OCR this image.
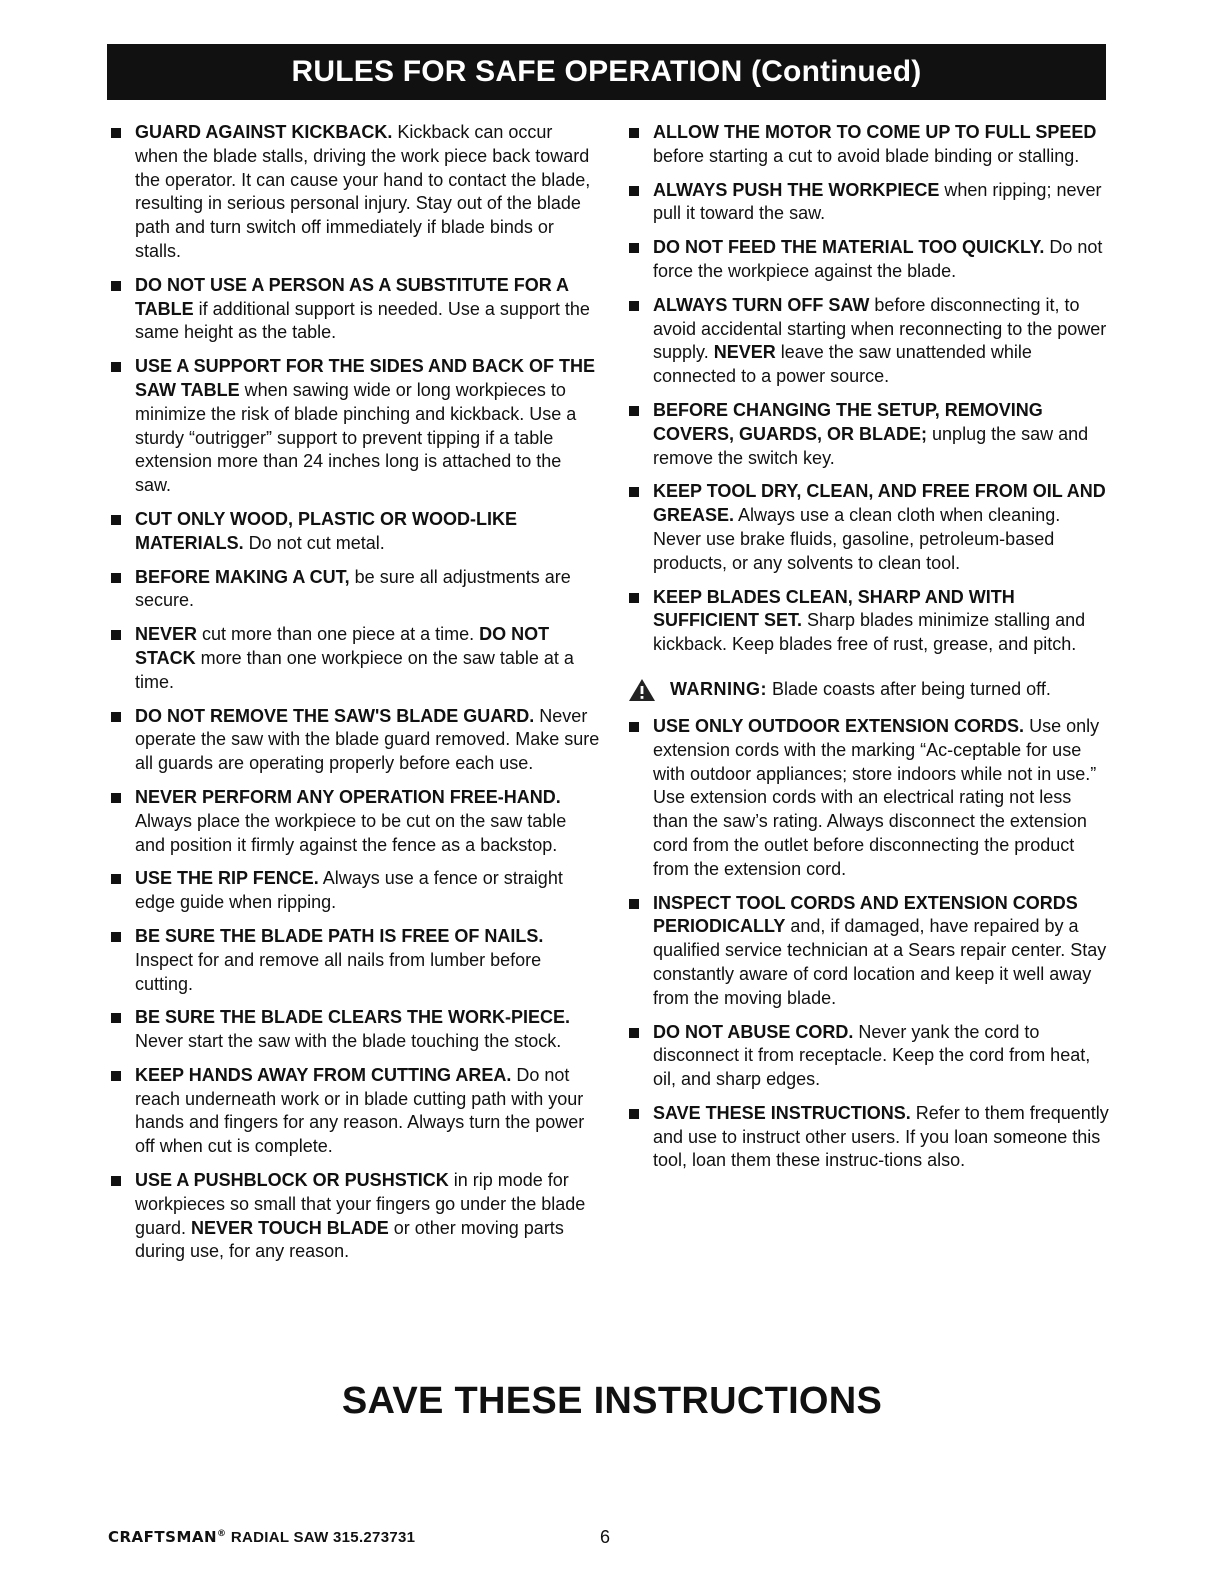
RULES FOR SAFE OPERATION (Continued)
GUARD AGAINST KICKBACK. Kickback can occur when the blade stalls, driving the work piece back toward the operator. It can cause your hand to contact the blade, resulting in serious personal injury. Stay out of the blade path and turn switch off immediately if blade binds or stalls.
DO NOT USE A PERSON AS A SUBSTITUTE FOR A TABLE if additional support is needed. Use a support the same height as the table.
USE A SUPPORT FOR THE SIDES AND BACK OF THE SAW TABLE when sawing wide or long workpieces to minimize the risk of blade pinching and kickback. Use a sturdy “outrigger” support to prevent tipping if a table extension more than 24 inches long is attached to the saw.
CUT ONLY WOOD, PLASTIC OR WOOD-LIKE MATERIALS. Do not cut metal.
BEFORE MAKING A CUT, be sure all adjustments are secure.
NEVER cut more than one piece at a time. DO NOT STACK more than one workpiece on the saw table at a time.
DO NOT REMOVE THE SAW'S BLADE GUARD. Never operate the saw with the blade guard removed. Make sure all guards are operating properly before each use.
NEVER PERFORM ANY OPERATION FREE-HAND. Always place the workpiece to be cut on the saw table and position it firmly against the fence as a backstop.
USE THE RIP FENCE. Always use a fence or straight edge guide when ripping.
BE SURE THE BLADE PATH IS FREE OF NAILS. Inspect for and remove all nails from lumber before cutting.
BE SURE THE BLADE CLEARS THE WORK-PIECE. Never start the saw with the blade touching the stock.
KEEP HANDS AWAY FROM CUTTING AREA. Do not reach underneath work or in blade cutting path with your hands and fingers for any reason. Always turn the power off when cut is complete.
USE A PUSHBLOCK OR PUSHSTICK in rip mode for workpieces so small that your fingers go under the blade guard. NEVER TOUCH BLADE or other moving parts during use, for any reason.
ALLOW THE MOTOR TO COME UP TO FULL SPEED before starting a cut to avoid blade binding or stalling.
ALWAYS PUSH THE WORKPIECE when ripping; never pull it toward the saw.
DO NOT FEED THE MATERIAL TOO QUICKLY. Do not force the workpiece against the blade.
ALWAYS TURN OFF SAW before disconnecting it, to avoid accidental starting when reconnecting to the power supply. NEVER leave the saw unattended while connected to a power source.
BEFORE CHANGING THE SETUP, REMOVING COVERS, GUARDS, OR BLADE; unplug the saw and remove the switch key.
KEEP TOOL DRY, CLEAN, AND FREE FROM OIL AND GREASE. Always use a clean cloth when cleaning. Never use brake fluids, gasoline, petroleum-based products, or any solvents to clean tool.
KEEP BLADES CLEAN, SHARP AND WITH SUFFICIENT SET. Sharp blades minimize stalling and kickback. Keep blades free of rust, grease, and pitch.
WARNING: Blade coasts after being turned off.
USE ONLY OUTDOOR EXTENSION CORDS. Use only extension cords with the marking “Ac-ceptable for use with outdoor appliances; store indoors while not in use.” Use extension cords with an electrical rating not less than the saw’s rating. Always disconnect the extension cord from the outlet before disconnecting the product from the extension cord.
INSPECT TOOL CORDS AND EXTENSION CORDS PERIODICALLY and, if damaged, have repaired by a qualified service technician at a Sears repair center. Stay constantly aware of cord location and keep it well away from the moving blade.
DO NOT ABUSE CORD. Never yank the cord to disconnect it from receptacle. Keep the cord from heat, oil, and sharp edges.
SAVE THESE INSTRUCTIONS. Refer to them frequently and use to instruct other users. If you loan someone this tool, loan them these instruc-tions also.
SAVE THESE INSTRUCTIONS
CRAFTSMAN® RADIAL SAW 315.273731	6
